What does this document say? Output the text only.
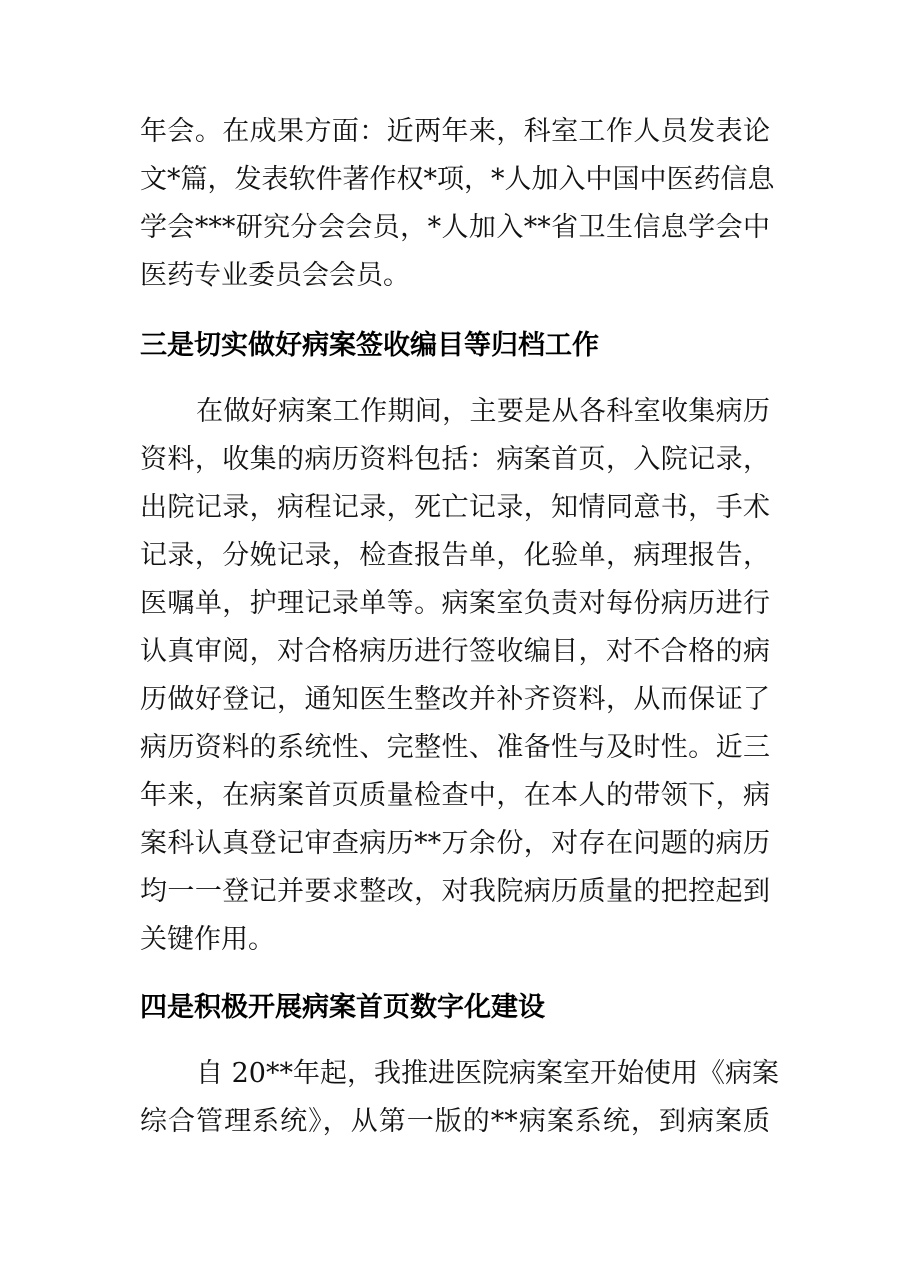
年会。在成果方面：近两年来，科室工作人员发表论
文*篇，发表软件著作权*项，*人加入中国中医药信息
学会***研究分会会员，*人加入**省卫生信息学会中
医药专业委员会会员。
三是切实做好病案签收编目等归档工作
在做好病案工作期间，主要是从各科室收集病历
资料，收集的病历资料包括：病案首页，入院记录，
出院记录，病程记录，死亡记录，知情同意书，手术
记录，分娩记录，检查报告单，化验单，病理报告，
医嘱单，护理记录单等。病案室负责对每份病历进行
认真审阅，对合格病历进行签收编目，对不合格的病
历做好登记，通知医生整改并补齐资料，从而保证了
病历资料的系统性、完整性、准备性与及时性。近三
年来，在病案首页质量检查中，在本人的带领下，病
案科认真登记审查病历**万余份，对存在问题的病历
均一一登记并要求整改，对我院病历质量的把控起到
关键作用。
四是积极开展病案首页数字化建设
自 20**年起，我推进医院病案室开始使用《病案
综合管理系统》，从第一版的**病案系统，到病案质
